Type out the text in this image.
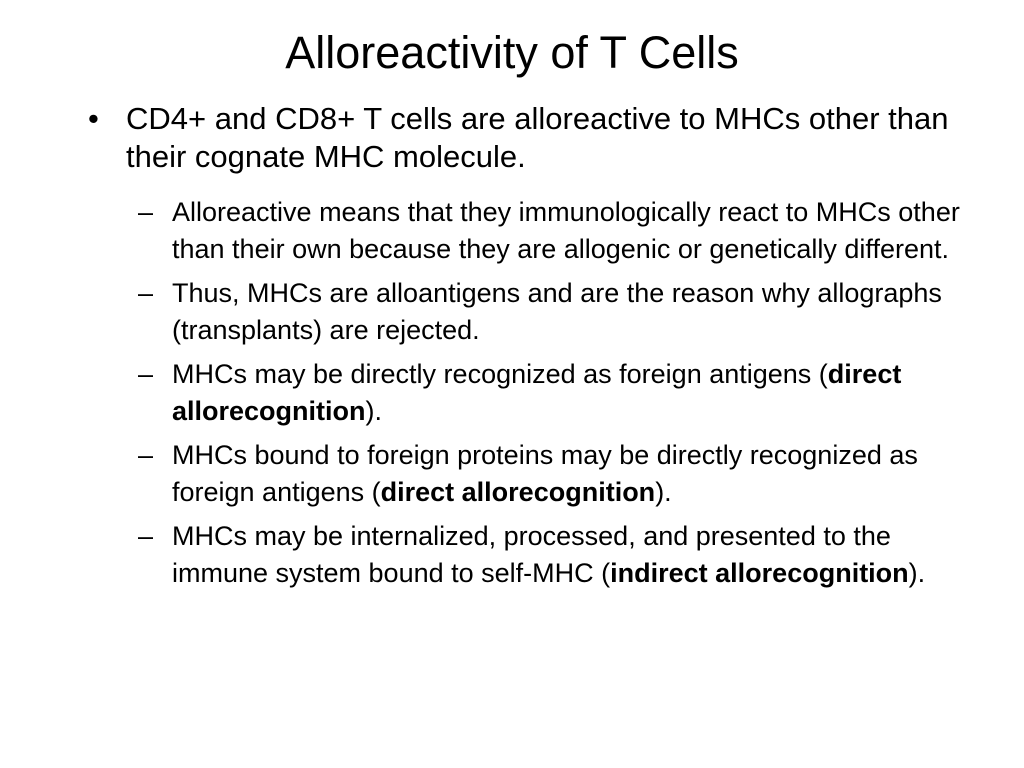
Alloreactivity of T Cells
• CD4+ and CD8+ T cells are alloreactive to MHCs other than their cognate MHC molecule.
– Alloreactive means that they immunologically react to MHCs other than their own because they are allogenic or genetically different.
– Thus, MHCs are alloantigens and are the reason why allographs (transplants) are rejected.
– MHCs may be directly recognized as foreign antigens (direct allorecognition).
– MHCs bound to foreign proteins may be directly recognized as foreign antigens (direct allorecognition).
– MHCs may be internalized, processed, and presented to the immune system bound to self-MHC (indirect allorecognition).
